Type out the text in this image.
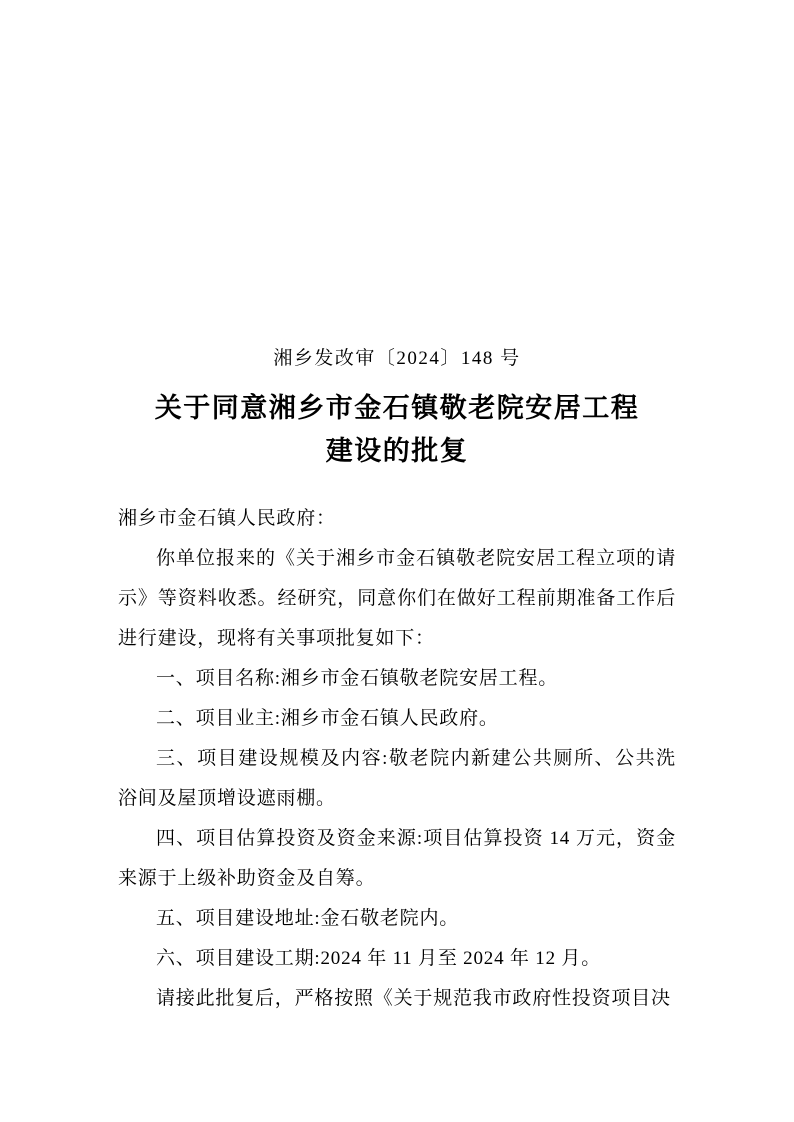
湘乡发改审〔2024〕148 号
关于同意湘乡市金石镇敬老院安居工程
建设的批复

湘乡市金石镇人民政府：

你单位报来的《关于湘乡市金石镇敬老院安居工程立项的请示》等资料收悉。经研究，同意你们在做好工程前期准备工作后进行建设，现将有关事项批复如下：

一、项目名称:湘乡市金石镇敬老院安居工程。

二、项目业主:湘乡市金石镇人民政府。

三、项目建设规模及内容:敬老院内新建公共厕所、公共洗浴间及屋顶增设遮雨棚。

四、项目估算投资及资金来源:项目估算投资 14 万元，资金来源于上级补助资金及自筹。

五、项目建设地址:金石敬老院内。

六、项目建设工期:2024 年 11 月至 2024 年 12 月。

请接此批复后，严格按照《关于规范我市政府性投资项目决
